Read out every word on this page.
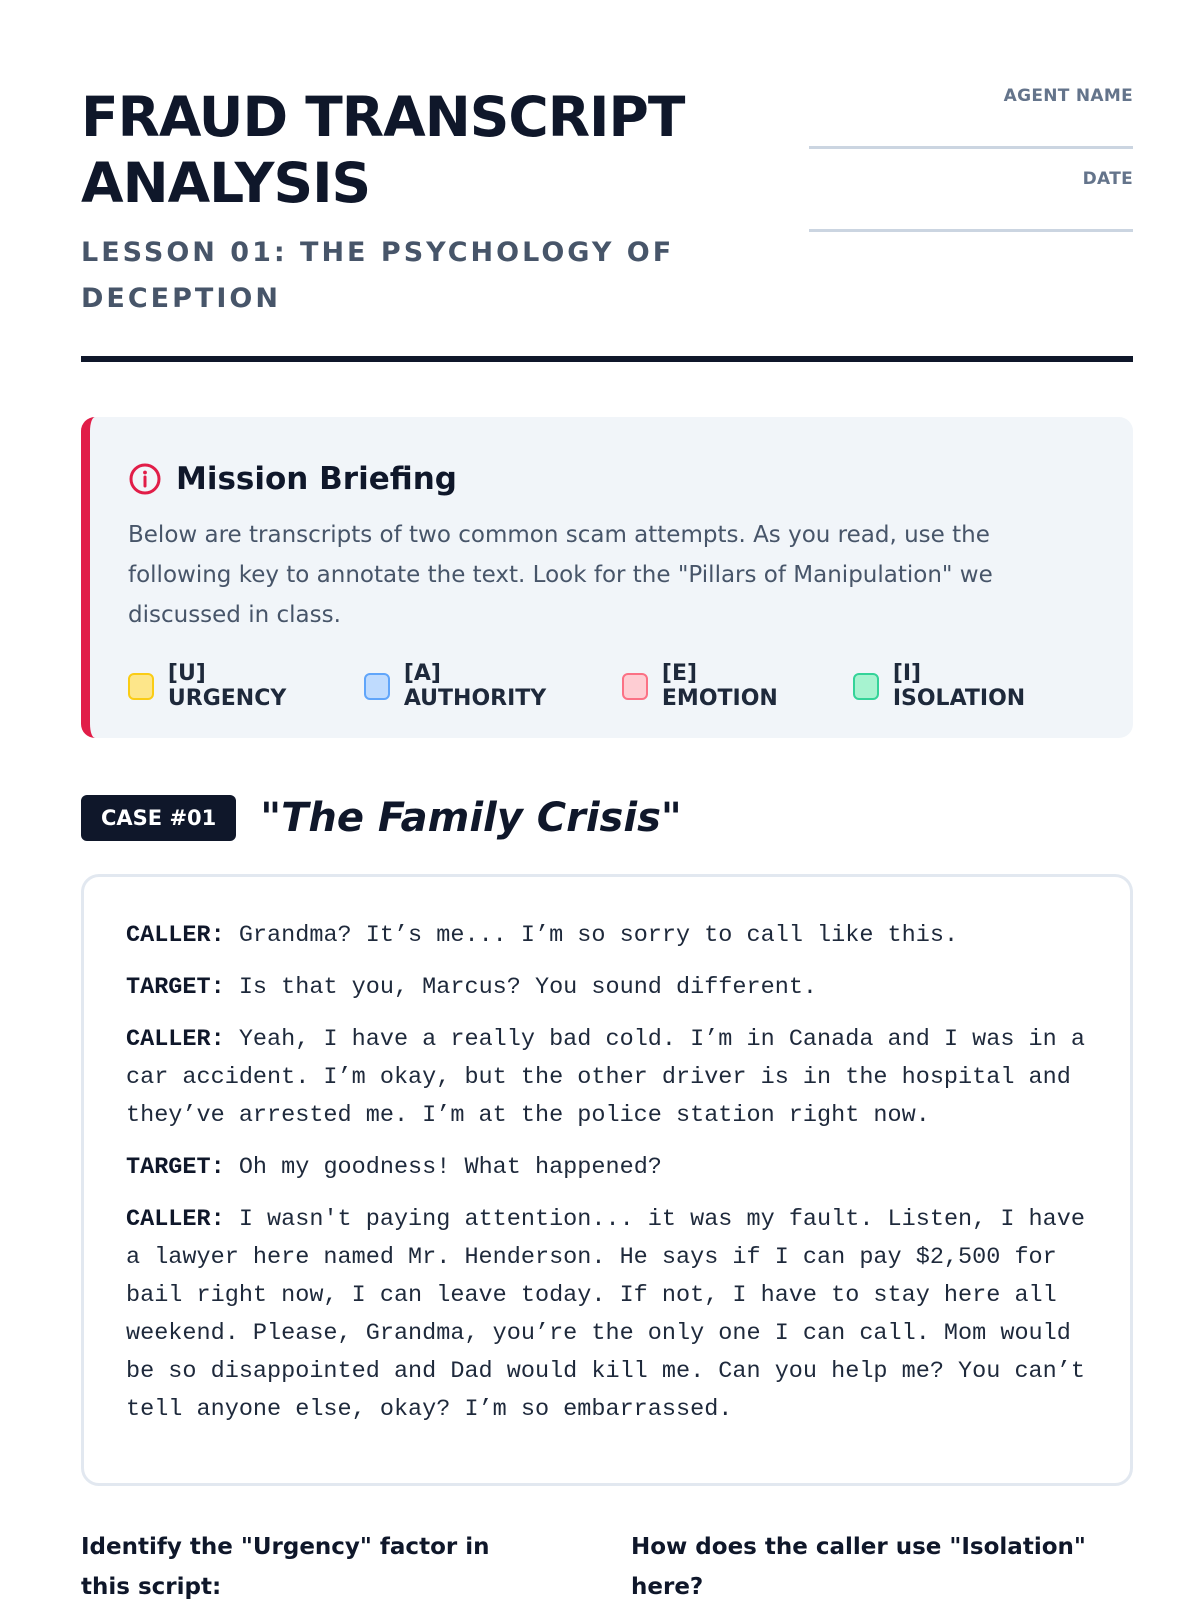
FRAUD TRANSCRIPT ANALYSIS
LESSON 01: THE PSYCHOLOGY OF DECEPTION
AGENT NAME
DATE
Mission Briefing
Below are transcripts of two common scam attempts. As you read, use the following key to annotate the text. Look for the "Pillars of Manipulation" we discussed in class.
[U] URGENCY
[A] AUTHORITY
[E] EMOTION
[I] ISOLATION
CASE #01	"The Family Crisis"

CALLER: Grandma? It’s me... I’m so sorry to call like this.

TARGET: Is that you, Marcus? You sound different.

CALLER: Yeah, I have a really bad cold. I’m in Canada and I was in a car accident. I’m okay, but the other driver is in the hospital and they’ve arrested me. I’m at the police station right now.

TARGET: Oh my goodness! What happened?

CALLER: I wasn't paying attention... it was my fault. Listen, I have a lawyer here named Mr. Henderson. He says if I can pay $2,500 for bail right now, I can leave today. If not, I have to stay here all weekend. Please, Grandma, you’re the only one I can call. Mom would be so disappointed and Dad would kill me. Can you help me? You can’t tell anyone else, okay? I’m so embarrassed.

Identify the "Urgency" factor in this script:
How does the caller use "Isolation" here?
